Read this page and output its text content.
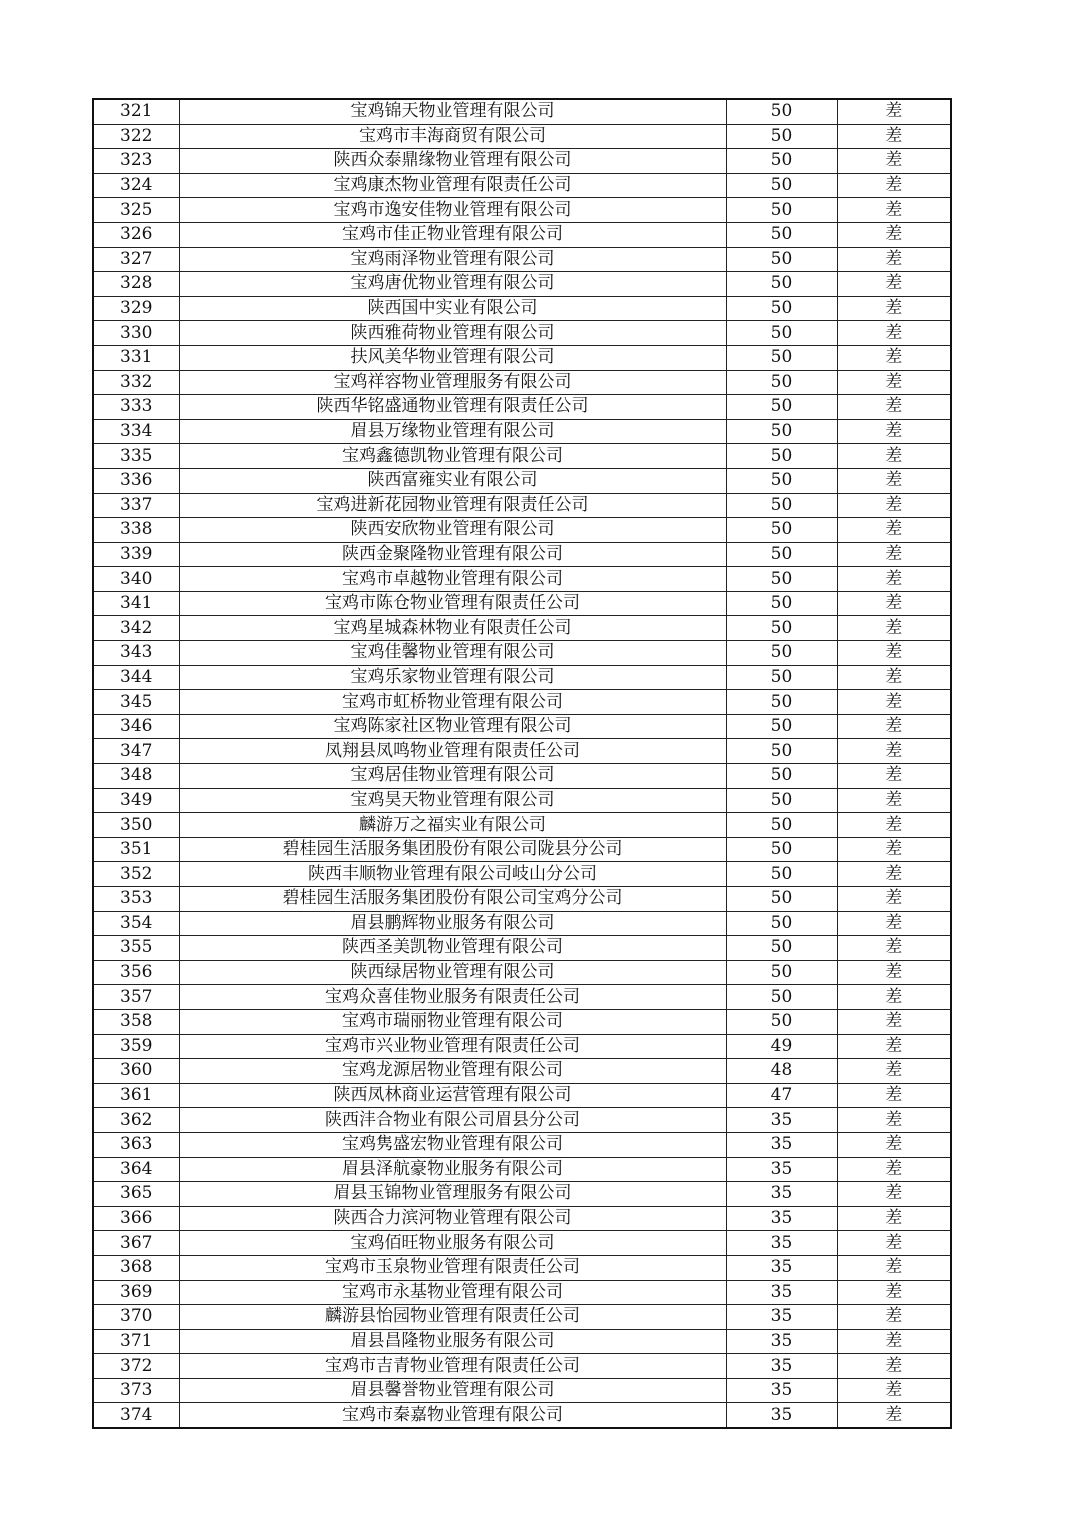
321	宝鸡锦天物业管理有限公司	50	差
322	宝鸡市丰海商贸有限公司	50	差
323	陕西众泰鼎缘物业管理有限公司	50	差
324	宝鸡康杰物业管理有限责任公司	50	差
325	宝鸡市逸安佳物业管理有限公司	50	差
326	宝鸡市佳正物业管理有限公司	50	差
327	宝鸡雨泽物业管理有限公司	50	差
328	宝鸡唐优物业管理有限公司	50	差
329	陕西国中实业有限公司	50	差
330	陕西雅荷物业管理有限公司	50	差
331	扶风美华物业管理有限公司	50	差
332	宝鸡祥容物业管理服务有限公司	50	差
333	陕西华铭盛通物业管理有限责任公司	50	差
334	眉县万缘物业管理有限公司	50	差
335	宝鸡鑫德凯物业管理有限公司	50	差
336	陕西富雍实业有限公司	50	差
337	宝鸡进新花园物业管理有限责任公司	50	差
338	陕西安欣物业管理有限公司	50	差
339	陕西金聚隆物业管理有限公司	50	差
340	宝鸡市卓越物业管理有限公司	50	差
341	宝鸡市陈仓物业管理有限责任公司	50	差
342	宝鸡星城森林物业有限责任公司	50	差
343	宝鸡佳馨物业管理有限公司	50	差
344	宝鸡乐家物业管理有限公司	50	差
345	宝鸡市虹桥物业管理有限公司	50	差
346	宝鸡陈家社区物业管理有限公司	50	差
347	凤翔县凤鸣物业管理有限责任公司	50	差
348	宝鸡居佳物业管理有限公司	50	差
349	宝鸡昊天物业管理有限公司	50	差
350	麟游万之福实业有限公司	50	差
351	碧桂园生活服务集团股份有限公司陇县分公司	50	差
352	陕西丰顺物业管理有限公司岐山分公司	50	差
353	碧桂园生活服务集团股份有限公司宝鸡分公司	50	差
354	眉县鹏辉物业服务有限公司	50	差
355	陕西圣美凯物业管理有限公司	50	差
356	陕西绿居物业管理有限公司	50	差
357	宝鸡众喜佳物业服务有限责任公司	50	差
358	宝鸡市瑞丽物业管理有限公司	50	差
359	宝鸡市兴业物业管理有限责任公司	49	差
360	宝鸡龙源居物业管理有限公司	48	差
361	陕西凤林商业运营管理有限公司	47	差
362	陕西沣合物业有限公司眉县分公司	35	差
363	宝鸡隽盛宏物业管理有限公司	35	差
364	眉县泽航豪物业服务有限公司	35	差
365	眉县玉锦物业管理服务有限公司	35	差
366	陕西合力滨河物业管理有限公司	35	差
367	宝鸡佰旺物业服务有限公司	35	差
368	宝鸡市玉泉物业管理有限责任公司	35	差
369	宝鸡市永基物业管理有限公司	35	差
370	麟游县怡园物业管理有限责任公司	35	差
371	眉县昌隆物业服务有限公司	35	差
372	宝鸡市吉青物业管理有限责任公司	35	差
373	眉县馨誉物业管理有限公司	35	差
374	宝鸡市秦嘉物业管理有限公司	35	差
